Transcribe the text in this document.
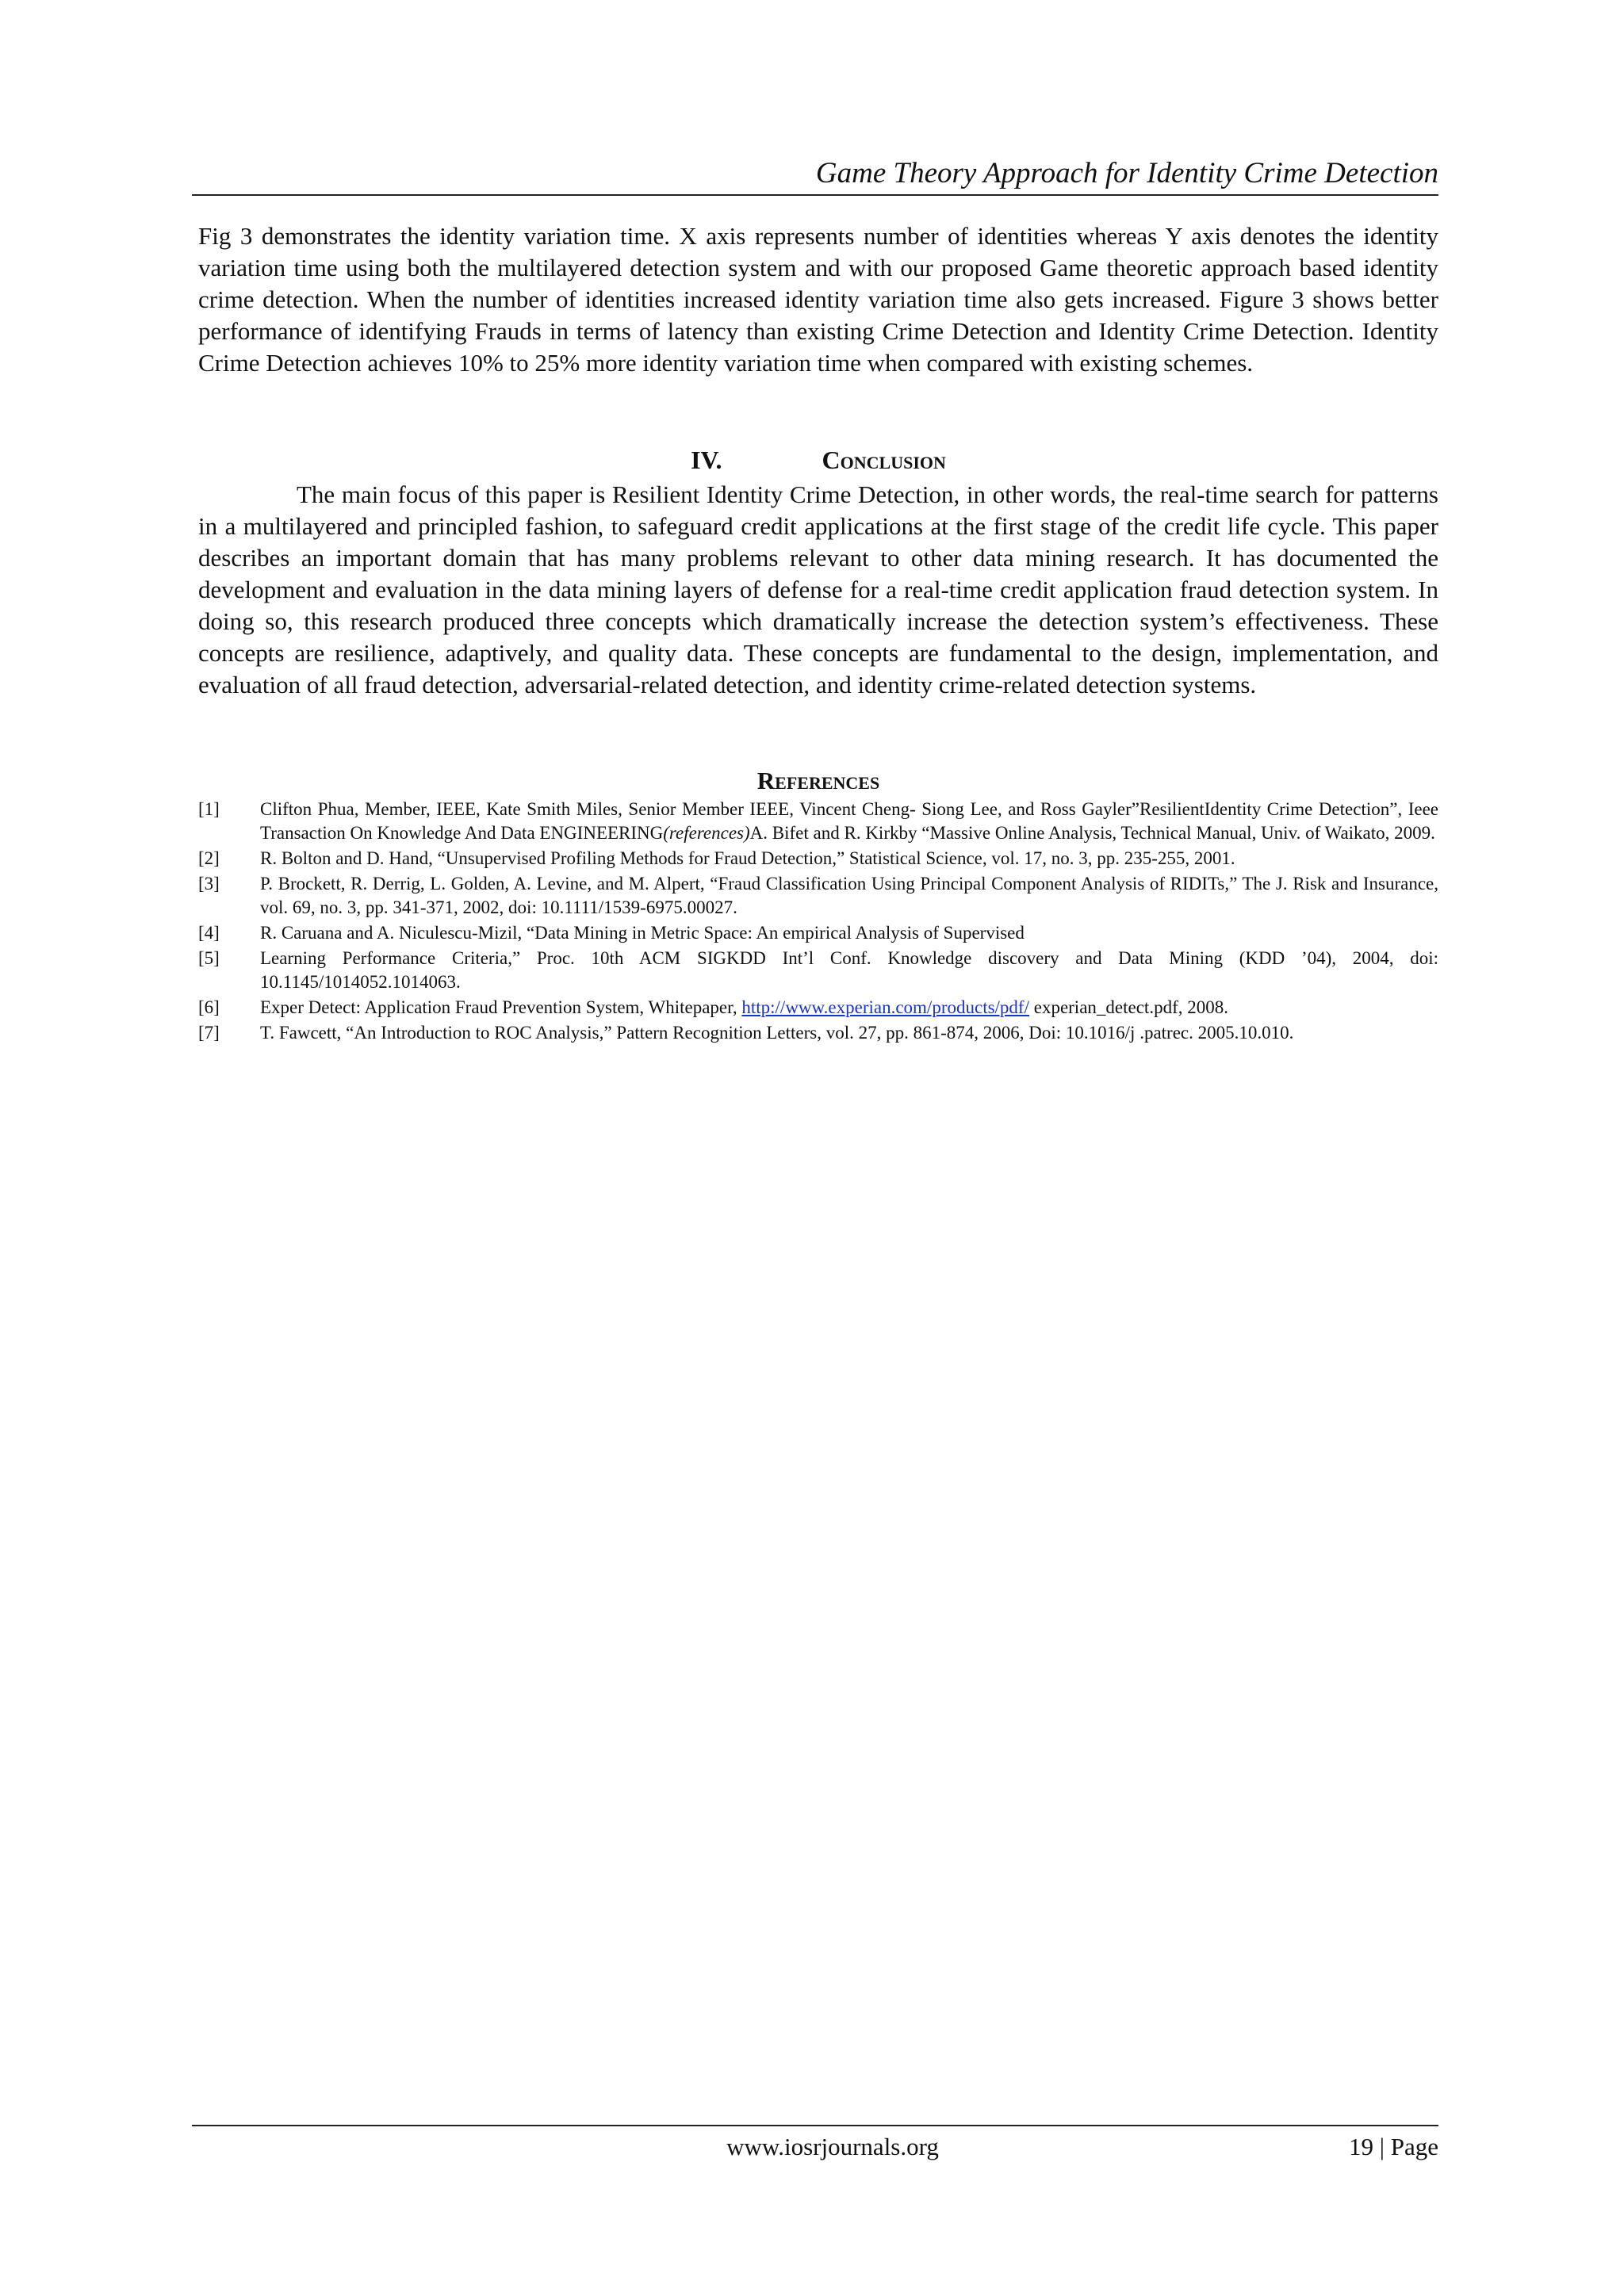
Game Theory Approach for Identity Crime Detection

Fig 3 demonstrates the identity variation time. X axis represents number of identities whereas Y axis denotes the identity variation time using both the multilayered detection system and with our proposed Game theoretic approach based identity crime detection. When the number of identities increased identity variation time also gets increased. Figure 3 shows better performance of identifying Frauds in terms of latency than existing Crime Detection and Identity Crime Detection. Identity Crime Detection achieves 10% to 25% more identity variation time when compared with existing schemes.

IV.	Conclusion

The main focus of this paper is Resilient Identity Crime Detection, in other words, the real-time search for patterns in a multilayered and principled fashion, to safeguard credit applications at the first stage of the credit life cycle. This paper describes an important domain that has many problems relevant to other data mining research. It has documented the development and evaluation in the data mining layers of defense for a real-time credit application fraud detection system. In doing so, this research produced three concepts which dramatically increase the detection system’s effectiveness. These concepts are resilience, adaptively, and quality data. These concepts are fundamental to the design, implementation, and evaluation of all fraud detection, adversarial-related detection, and identity crime-related detection systems.

References
[1] Clifton Phua, Member, IEEE, Kate Smith Miles, Senior Member IEEE, Vincent Cheng- Siong Lee, and Ross Gayler”ResilientIdentity Crime Detection”, Ieee Transaction On Knowledge And Data ENGINEERING(references)A. Bifet and R. Kirkby “Massive Online Analysis, Technical Manual, Univ. of Waikato, 2009.
[2] R. Bolton and D. Hand, “Unsupervised Profiling Methods for Fraud Detection,” Statistical Science, vol. 17, no. 3, pp. 235-255, 2001.
[3] P. Brockett, R. Derrig, L. Golden, A. Levine, and M. Alpert, “Fraud Classification Using Principal Component Analysis of RIDITs,” The J. Risk and Insurance, vol. 69, no. 3, pp. 341-371, 2002, doi: 10.1111/1539-6975.00027.
[4] R. Caruana and A. Niculescu-Mizil, “Data Mining in Metric Space: An empirical Analysis of Supervised
[5] Learning Performance Criteria,” Proc. 10th ACM SIGKDD Int’l Conf. Knowledge discovery and Data Mining (KDD ’04), 2004, doi: 10.1145/1014052.1014063.
[6] Exper Detect: Application Fraud Prevention System, Whitepaper, http://www.experian.com/products/pdf/ experian_detect.pdf, 2008.
[7] T. Fawcett, “An Introduction to ROC Analysis,” Pattern Recognition Letters, vol. 27, pp. 861-874, 2006, Doi: 10.1016/j .patrec. 2005.10.010.
www.iosrjournals.org	19 | Page
